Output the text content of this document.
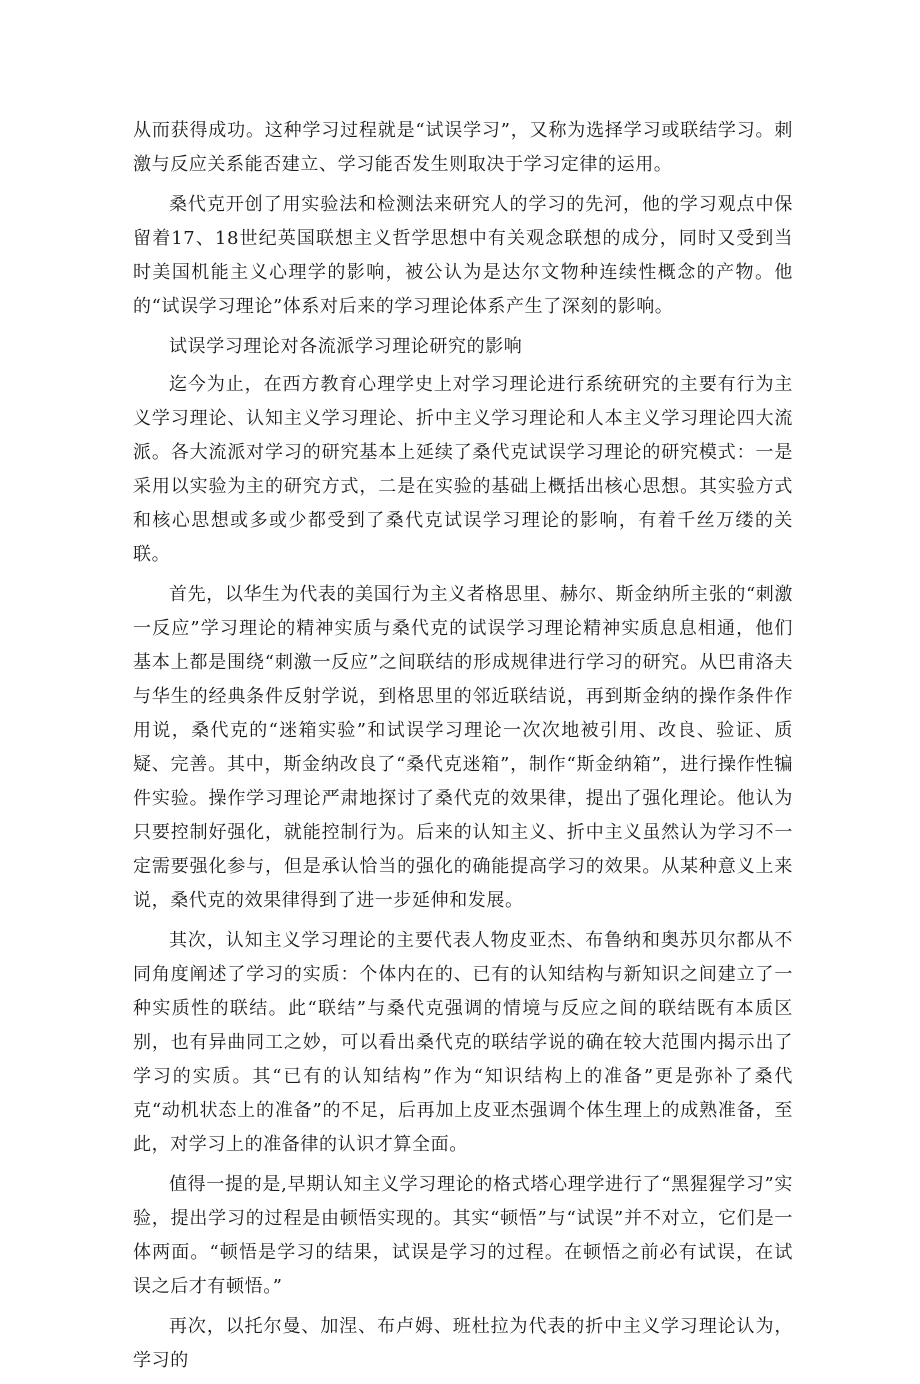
从而获得成功。这种学习过程就是“试误学习”，又称为选择学习或联结学习。刺激与反应关系能否建立、学习能否发生则取决于学习定律的运用。

桑代克开创了用实验法和检测法来研究人的学习的先河，他的学习观点中保留着17、18世纪英国联想主义哲学思想中有关观念联想的成分，同时又受到当时美国机能主义心理学的影响，被公认为是达尔文物种连续性概念的产物。他的“试误学习理论”体系对后来的学习理论体系产生了深刻的影响。

试误学习理论对各流派学习理论研究的影响

迄今为止，在西方教育心理学史上对学习理论进行系统研究的主要有行为主义学习理论、认知主义学习理论、折中主义学习理论和人本主义学习理论四大流派。各大流派对学习的研究基本上延续了桑代克试误学习理论的研究模式：一是采用以实验为主的研究方式，二是在实验的基础上概括出核心思想。其实验方式和核心思想或多或少都受到了桑代克试误学习理论的影响，有着千丝万缕的关联。

首先，以华生为代表的美国行为主义者格思里、赫尔、斯金纳所主张的“刺激一反应”学习理论的精神实质与桑代克的试误学习理论精神实质息息相通，他们基本上都是围绕“刺激一反应”之间联结的形成规律进行学习的研究。从巴甫洛夫与华生的经典条件反射学说，到格思里的邻近联结说，再到斯金纳的操作条件作用说，桑代克的“迷箱实验”和试误学习理论一次次地被引用、改良、验证、质疑、完善。其中，斯金纳改良了“桑代克迷箱”，制作“斯金纳箱”，进行操作性犏件实验。操作学习理论严肃地探讨了桑代克的效果律，提出了强化理论。他认为只要控制好强化，就能控制行为。后来的认知主义、折中主义虽然认为学习不一定需要强化参与，但是承认恰当的强化的确能提高学习的效果。从某种意义上来说，桑代克的效果律得到了进一步延伸和发展。

其次，认知主义学习理论的主要代表人物皮亚杰、布鲁纳和奥苏贝尔都从不同角度阐述了学习的实质：个体内在的、已有的认知结构与新知识之间建立了一种实质性的联结。此“联结”与桑代克强调的情境与反应之间的联结既有本质区别，也有异曲同工之妙，可以看出桑代克的联结学说的确在较大范围内揭示出了学习的实质。其“已有的认知结构”作为“知识结构上的准备”更是弥补了桑代克“动机状态上的准备”的不足，后再加上皮亚杰强调个体生理上的成熟准备，至此，对学习上的准备律的认识才算全面。

值得一提的是,早期认知主义学习理论的格式塔心理学进行了“黑猩猩学习”实验，提出学习的过程是由顿悟实现的。其实“顿悟”与“试误”并不对立，它们是一体两面。“顿悟是学习的结果，试误是学习的过程。在顿悟之前必有试误，在试误之后才有顿悟。”

再次，以托尔曼、加涅、布卢姆、班杜拉为代表的折中主义学习理论认为，学习的
